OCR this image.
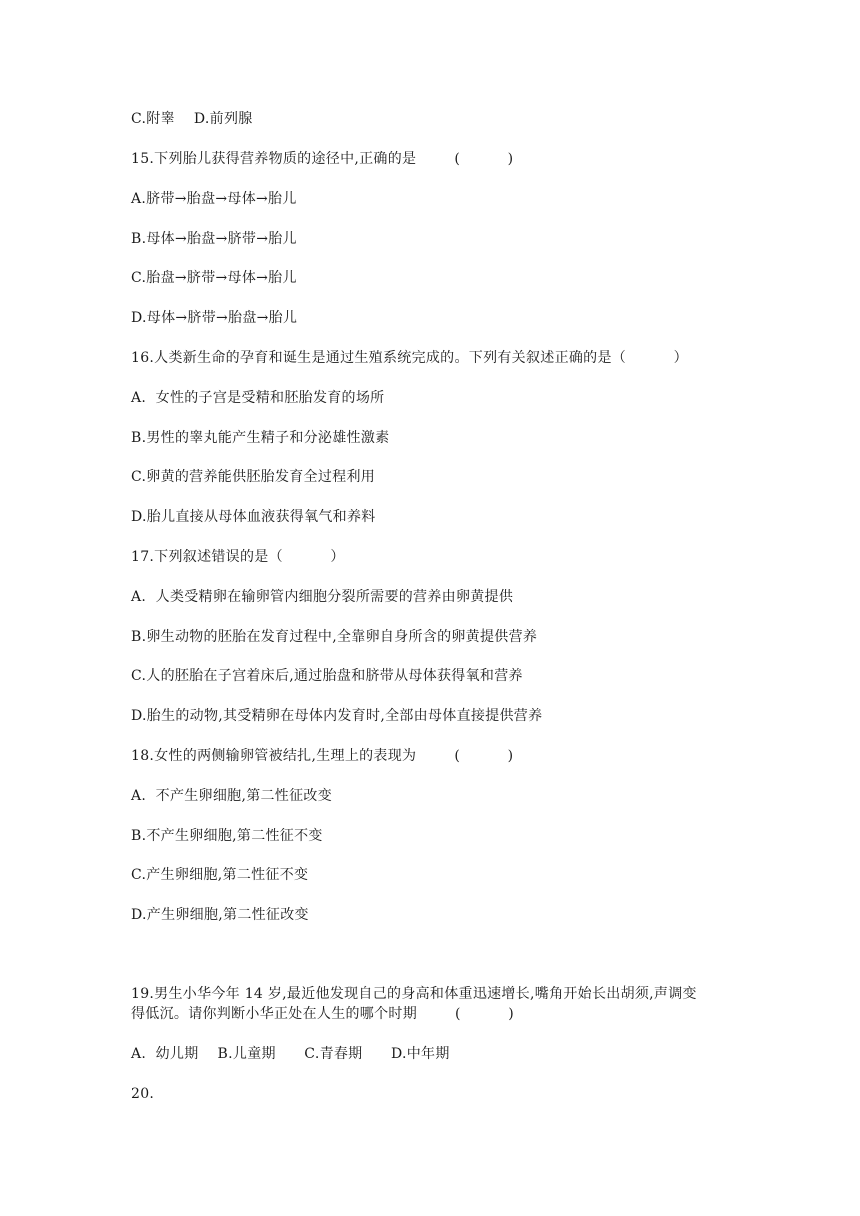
C.附睾    D.前列腺
15.下列胎儿获得营养物质的途径中,正确的是        (          )
A.脐带→胎盘→母体→胎儿
B.母体→胎盘→脐带→胎儿
C.胎盘→脐带→母体→胎儿
D.母体→脐带→胎盘→胎儿
16.人类新生命的孕育和诞生是通过生殖系统完成的。下列有关叙述正确的是（          ）
A.  女性的子宫是受精和胚胎发育的场所
B.男性的睾丸能产生精子和分泌雄性激素
C.卵黄的营养能供胚胎发育全过程利用
D.胎儿直接从母体血液获得氧气和养料
17.下列叙述错误的是（          ）
A.  人类受精卵在输卵管内细胞分裂所需要的营养由卵黄提供
B.卵生动物的胚胎在发育过程中,全靠卵自身所含的卵黄提供营养
C.人的胚胎在子宫着床后,通过胎盘和脐带从母体获得氧和营养
D.胎生的动物,其受精卵在母体内发育时,全部由母体直接提供营养
18.女性的两侧输卵管被结扎,生理上的表现为        (          )
A.  不产生卵细胞,第二性征改变
B.不产生卵细胞,第二性征不变
C.产生卵细胞,第二性征不变
D.产生卵细胞,第二性征改变
19.男生小华今年 14 岁,最近他发现自己的身高和体重迅速增长,嘴角开始长出胡须,声调变
得低沉。请你判断小华正处在人生的哪个时期        (          )
A.  幼儿期    B.儿童期      C.青春期      D.中年期
20.
